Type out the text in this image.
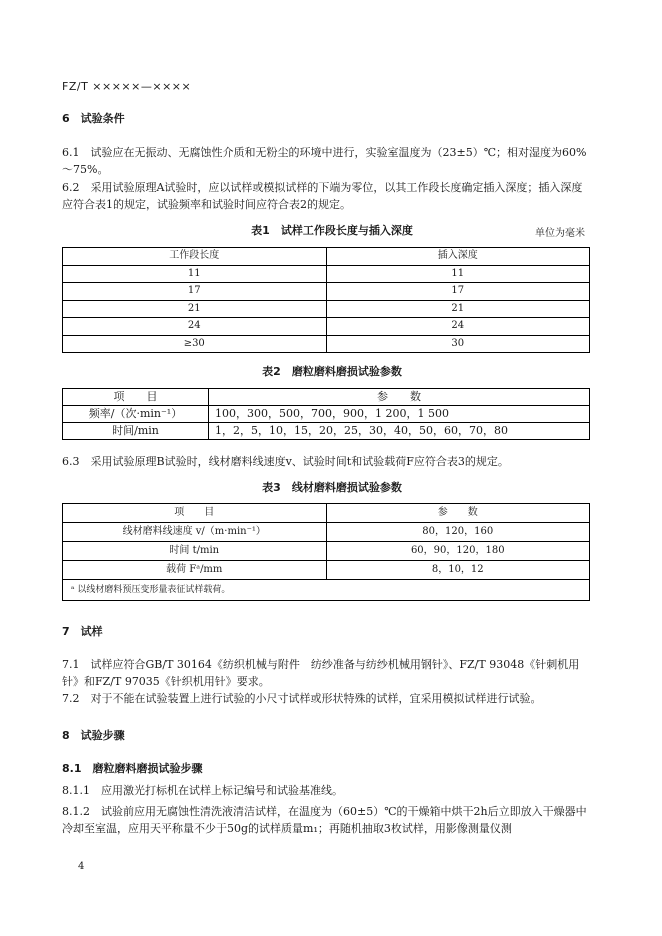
FZ/T ×××××—××××
6　试验条件
6.1　试验应在无振动、无腐蚀性介质和无粉尘的环境中进行，实验室温度为（23±5）℃；相对湿度为60%～75%。
6.2　采用试验原理A试验时，应以试样或模拟试样的下端为零位，以其工作段长度确定插入深度；插入深度应符合表1的规定，试验频率和试验时间应符合表2的规定。
表1　试样工作段长度与插入深度	单位为毫米
工作段长度	插入深度
11	11
17	17
21	21
24	24
≥30	30
表2　磨粒磨料磨损试验参数
项　　目	参　　数
频率/（次·min⁻¹）	100，300，500，700，900，1 200，1 500
时间/min	1，2，5，10，15，20，25，30，40，50，60，70，80
6.3　采用试验原理B试验时，线材磨料线速度v、试验时间t和试验载荷F应符合表3的规定。
表3　线材磨料磨损试验参数
项　　目	参　　数
线材磨料线速度 v/（m·min⁻¹）	80，120，160
时间 t/min	60，90，120，180
载荷 Fᵃ/mm	8，10，12
ᵃ 以线材磨料预压变形量表征试样载荷。	
7　试样
7.1　试样应符合GB/T 30164《纺织机械与附件　纺纱准备与纺纱机械用钢针》、FZ/T 93048《针刺机用针》和FZ/T 97035《针织机用针》要求。
7.2　对于不能在试验装置上进行试验的小尺寸试样或形状特殊的试样，宜采用模拟试样进行试验。
8　试验步骤
8.1　磨粒磨料磨损试验步骤
8.1.1　应用激光打标机在试样上标记编号和试验基准线。
8.1.2　试验前应用无腐蚀性清洗液清洁试样，在温度为（60±5）℃的干燥箱中烘干2h后立即放入干燥器中冷却至室温，应用天平称量不少于50g的试样质量m₁；再随机抽取3枚试样，用影像测量仪测
4
